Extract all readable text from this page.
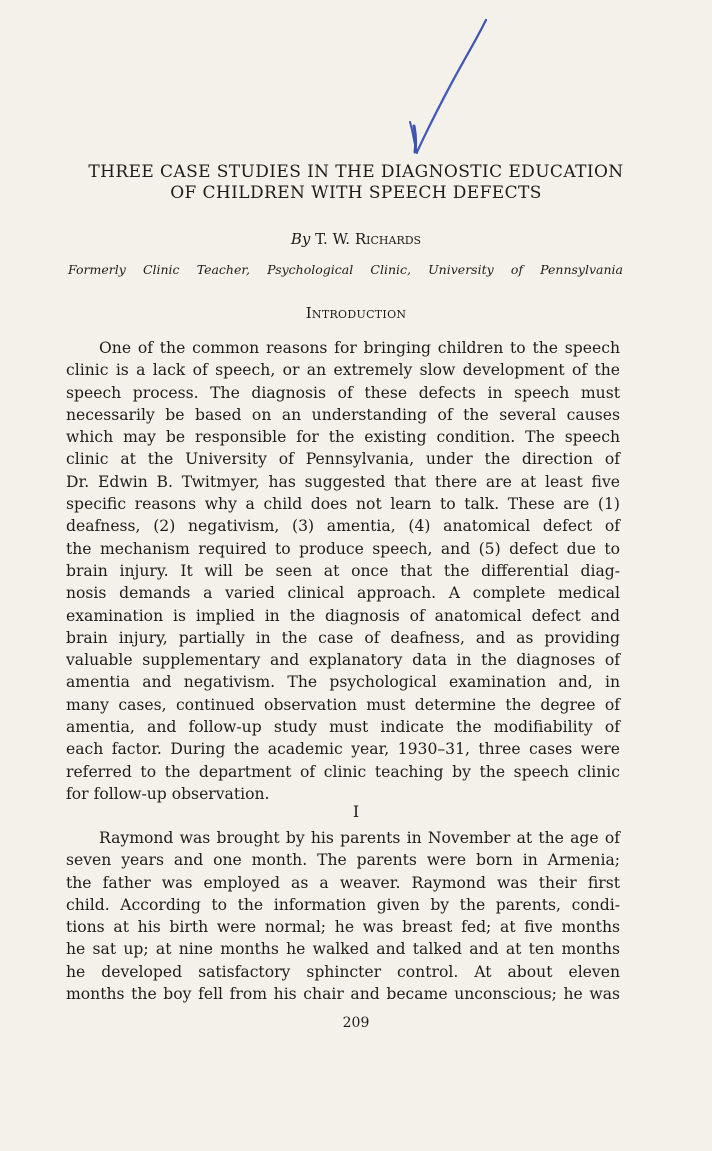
THREE CASE STUDIES IN THE DIAGNOSTIC EDUCATION
OF CHILDREN WITH SPEECH DEFECTS
By T. W. Richards
Formerly Clinic Teacher, Psychological Clinic, University of Pennsylvania
Introduction
One of the common reasons for bringing children to the speech
clinic is a lack of speech, or an extremely slow development of the
speech process. The diagnosis of these defects in speech must
necessarily be based on an understanding of the several causes
which may be responsible for the existing condition. The speech
clinic at the University of Pennsylvania, under the direction of
Dr. Edwin B. Twitmyer, has suggested that there are at least five
specific reasons why a child does not learn to talk. These are (1)
deafness, (2) negativism, (3) amentia, (4) anatomical defect of
the mechanism required to produce speech, and (5) defect due to
brain injury. It will be seen at once that the differential diag-
nosis demands a varied clinical approach. A complete medical
examination is implied in the diagnosis of anatomical defect and
brain injury, partially in the case of deafness, and as providing
valuable supplementary and explanatory data in the diagnoses of
amentia and negativism. The psychological examination and, in
many cases, continued observation must determine the degree of
amentia, and follow-up study must indicate the modifiability of
each factor. During the academic year, 1930–31, three cases were
referred to the department of clinic teaching by the speech clinic
for follow-up observation.
I
Raymond was brought by his parents in November at the age of
seven years and one month. The parents were born in Armenia;
the father was employed as a weaver. Raymond was their first
child. According to the information given by the parents, condi-
tions at his birth were normal; he was breast fed; at five months
he sat up; at nine months he walked and talked and at ten months
he developed satisfactory sphincter control. At about eleven
months the boy fell from his chair and became unconscious; he was
209
